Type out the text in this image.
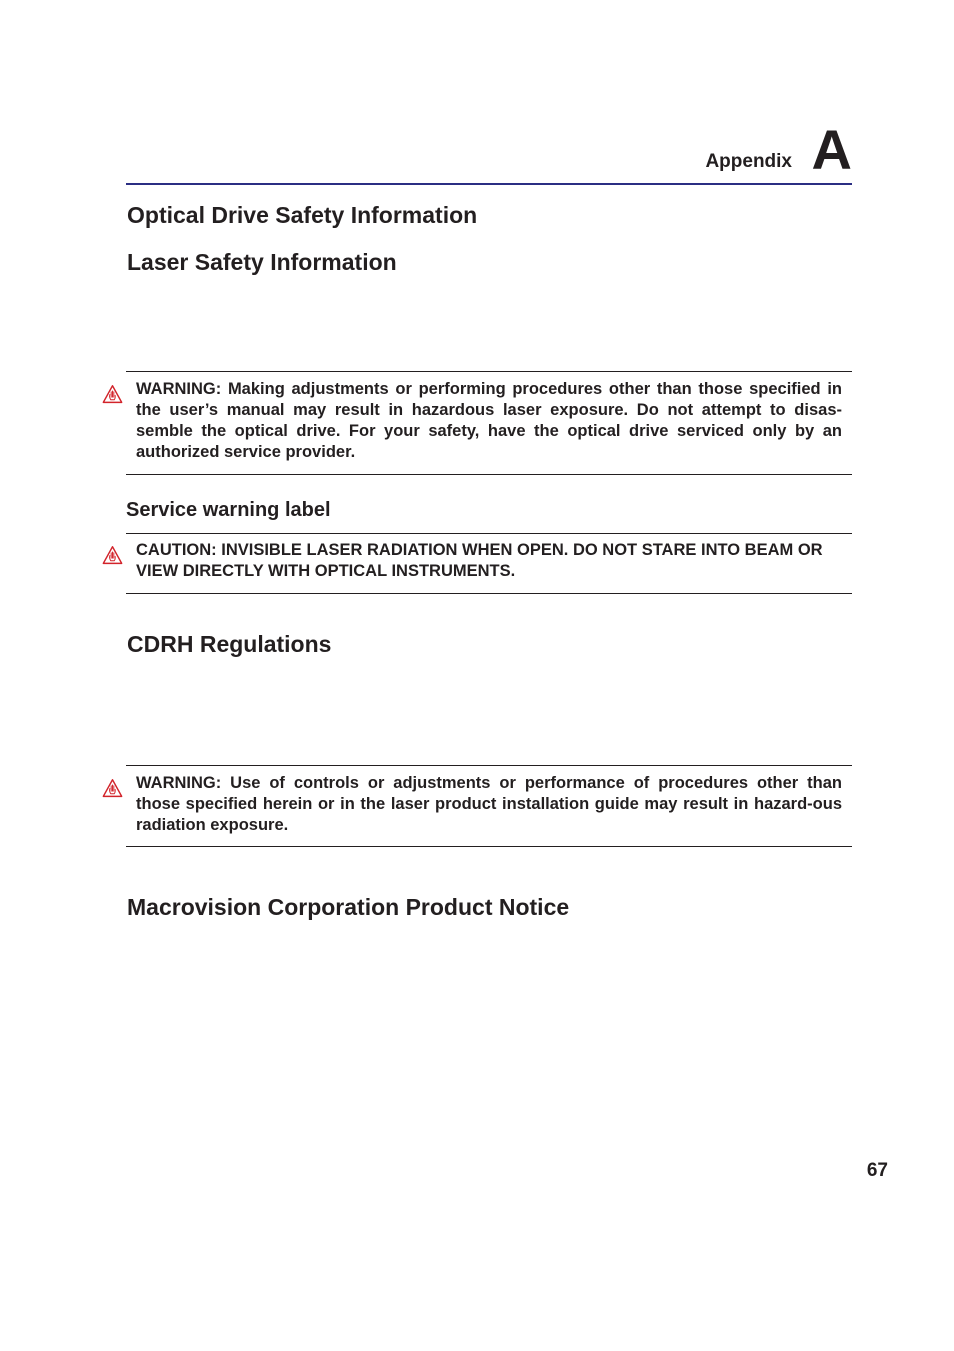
Appendix A
Optical Drive Safety Information
Laser Safety Information
WARNING: Making adjustments or performing procedures other than those specified in the user’s manual may result in hazardous laser exposure. Do not attempt to disas-semble the optical drive. For your safety, have the optical drive serviced only by an authorized service provider.
Service warning label
CAUTION: INVISIBLE LASER RADIATION WHEN OPEN. DO NOT STARE INTO BEAM OR VIEW DIRECTLY WITH OPTICAL INSTRUMENTS.
CDRH Regulations
WARNING: Use of controls or adjustments or performance of procedures other than those specified herein or in the laser product installation guide may result in hazard-ous radiation exposure.
Macrovision Corporation Product Notice
67
